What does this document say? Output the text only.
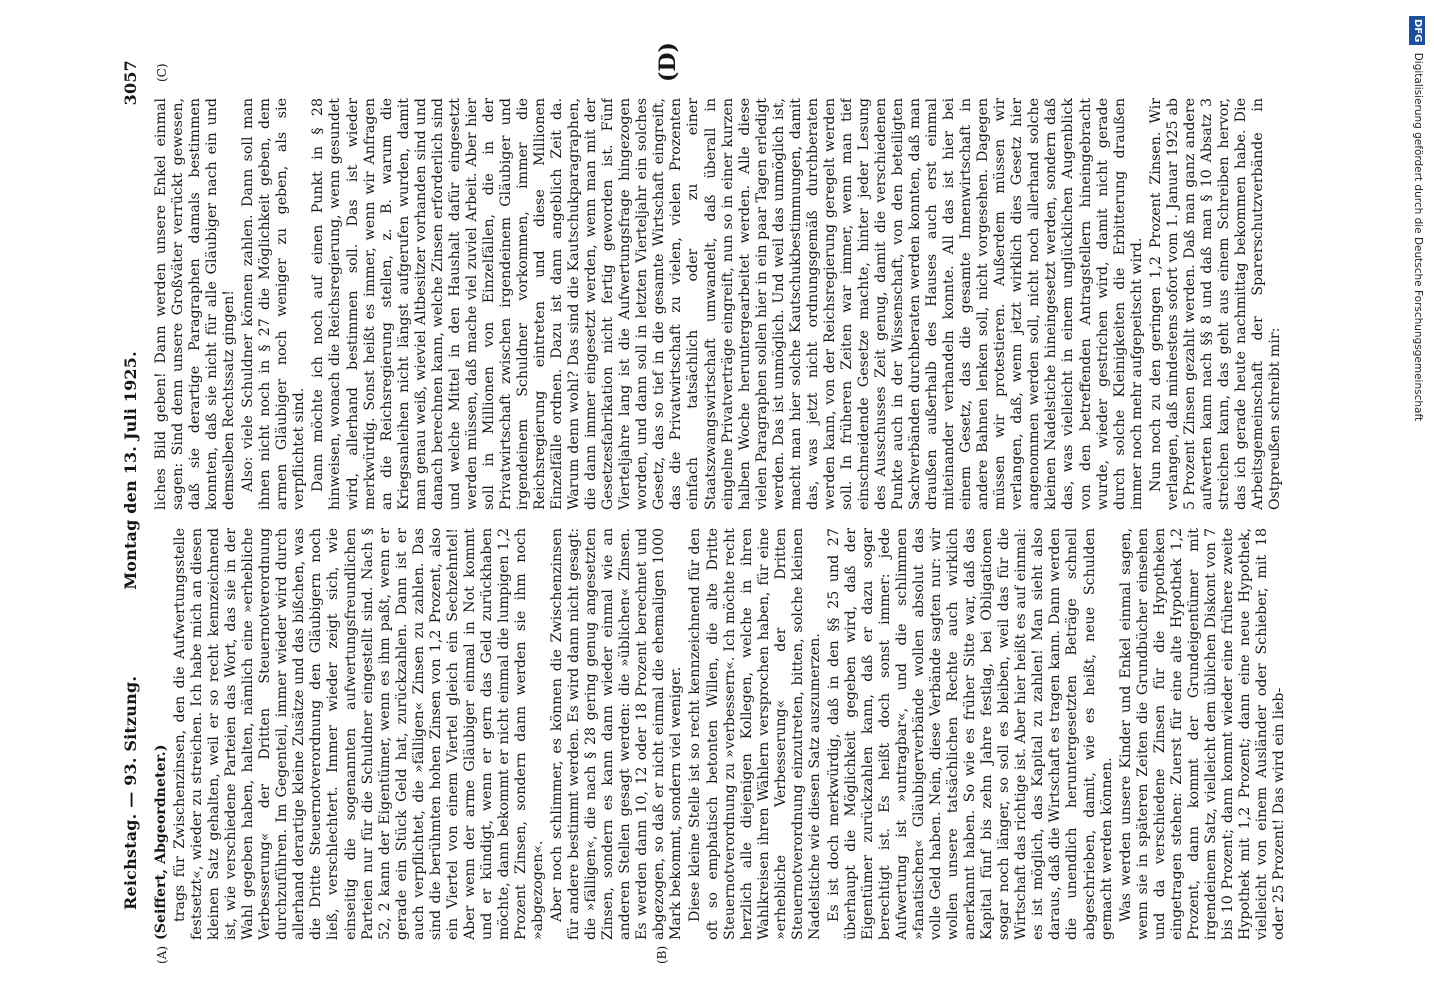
Reichstag. — 93. Sitzung.
Montag den 13. Juli 1925. 3057
(A)	(B)
(C)	(D)

(Seiffert, Abgeordneter.) trags für Zwischenzinsen, den die Aufwertungsstelle festsetzt«, wieder zu streichen. Ich habe mich an diesen kleinen Satz gehalten, weil er so recht kennzeichnend ist, wie verschiedene Parteien das Wort, das sie in der Wahl gegeben haben, halten, nämlich eine »erhebliche Verbesserung« der Dritten Steuernotverordnung durchzuführen. Im Gegenteil, immer wieder wird durch allerhand derartige kleine Zusätze und das bißchen, was die Dritte Steuernotverordnung den Gläubigern noch ließ, verschlechtert. Immer wieder zeigt sich, wie einseitig die sogenannten aufwertungsfreundlichen Parteien nur für die Schuldner eingestellt sind. Nach § 52, 2 kann der Eigentümer, wenn es ihm paßt, wenn er gerade ein Stück Geld hat, zurückzahlen. Dann ist er auch verpflichtet, die »fälligen« Zinsen zu zahlen. Das sind die berühmten hohen Zinsen von 1,2 Prozent, also ein Viertel von einem Viertel gleich ein Sechzehntel! Aber wenn der arme Gläubiger einmal in Not kommt und er kündigt, wenn er gern das Geld zurückhaben möchte, dann bekommt er nicht einmal die lumpigen 1,2 Prozent Zinsen, sondern dann werden sie ihm noch »abgezogen«. Aber noch schlimmer, es können die Zwischenzinsen für andere bestimmt werden. Es wird dann nicht gesagt: die »fälligen«, die nach § 28 gering genug angesetzten Zinsen, sondern es kann dann wieder einmal wie an anderen Stellen gesagt werden: die »üblichen« Zinsen. Es werden dann 10, 12 oder 18 Prozent berechnet und abgezogen, so daß er nicht einmal die ehemaligen 1000 Mark bekommt, sondern viel weniger. Diese kleine Stelle ist so recht kennzeichnend für den oft so emphatisch betonten Willen, die alte Dritte Steuernotverordnung zu »verbessern«. Ich möchte recht herzlich alle diejenigen Kollegen, welche in ihren Wahlkreisen ihren Wählern versprochen haben, für eine »erhebliche Verbesserung« der Dritten Steuernotverordnung einzutreten, bitten, solche kleinen Nadelstiche wie diesen Satz auszumerzen. Es ist doch merkwürdig, daß in den §§ 25 und 27 überhaupt die Möglichkeit gegeben wird, daß der Eigentümer zurückzahlen kann, daß er dazu sogar berechtigt ist. Es heißt doch sonst immer: jede Aufwertung ist »untragbar«, und die schlimmen »fanatischen« Gläubigerverbände wollen absolut das volle Geld haben. Nein, diese Verbände sagten nur: wir wollen unsere tatsächlichen Rechte auch wirklich anerkannt haben. So wie es früher Sitte war, daß das Kapital fünf bis zehn Jahre festlag, bei Obligationen sogar noch länger, so soll es bleiben, weil das für die Wirtschaft das richtige ist. Aber hier heißt es auf einmal: es ist möglich, das Kapital zu zahlen! Man sieht also daraus, daß die Wirtschaft es tragen kann. Dann werden die unendlich heruntergesetzten Beträge schnell abgeschrieben, damit, wie es heißt, neue Schulden gemacht werden können. Was werden unsere Kinder und Enkel einmal sagen, wenn sie in späteren Zeiten die Grundbücher einsehen und da verschiedene Zinsen für die Hypotheken eingetragen stehen: Zuerst für eine alte Hypothek 1,2 Prozent, dann kommt der Grundeigentümer mit irgendeinem Satz, vielleicht dem üblichen Diskont von 7 bis 10 Prozent; dann kommt wieder eine frühere zweite Hypothek mit 1,2 Prozent; dann eine neue Hypothek, vielleicht von einem Ausländer oder Schieber, mit 18 oder 25 Prozent! Das wird ein lieb-

liches Bild geben! Dann werden unsere Enkel einmal sagen: Sind denn unsere Großväter verrückt gewesen, daß sie derartige Paragraphen damals bestimmen konnten, daß sie nicht für alle Gläubiger nach ein und demselben Rechtssatz gingen! Also: viele Schuldner können zahlen. Dann soll man ihnen nicht noch in § 27 die Möglichkeit geben, dem armen Gläubiger noch weniger zu geben, als sie verpflichtet sind. Dann möchte ich noch auf einen Punkt in § 28 hinweisen, wonach die Reichsregierung, wenn gesundet wird, allerhand bestimmen soll. Das ist wieder merkwürdig. Sonst heißt es immer, wenn wir Anfragen an die Reichsregierung stellen, z. B. warum die Kriegsanleihen nicht längst aufgerufen wurden, damit man genau weiß, wieviel Altbesitzer vorhanden sind und danach berechnen kann, welche Zinsen erforderlich sind und welche Mittel in den Haushalt dafür eingesetzt werden müssen, daß mache viel zuviel Arbeit. Aber hier soll in Millionen von Einzelfällen, die in der Privatwirtschaft zwischen irgendeinem Gläubiger und irgendeinem Schuldner vorkommen, immer die Reichsregierung eintreten und diese Millionen Einzelfälle ordnen. Dazu ist dann angeblich Zeit da. Warum denn wohl? Das sind die Kautschukparagraphen, die dann immer eingesetzt werden, wenn man mit der Gesetzesfabrikation nicht fertig geworden ist. Fünf Vierteljahre lang ist die Aufwertungsfrage hingezogen worden, und dann soll in letzten Vierteljahr ein solches Gesetz, das so tief in die gesamte Wirtschaft eingreift, das die Privatwirtschaft zu vielen, vielen Prozenten einfach tatsächlich oder zu einer Staatszwangswirtschaft umwandelt, daß überall in eingelne Privatverträge eingreift, nun so in einer kurzen halben Woche heruntergearbeitet werden. Alle diese vielen Paragraphen sollen hier in ein paar Tagen erledigt werden. Das ist unmöglich. Und weil das unmöglich ist, macht man hier solche Kautschukbestimmungen, damit das, was jetzt nicht ordnungsgemäß durchberaten werden kann, von der Reichsregierung geregelt werden soll. In früheren Zeiten war immer, wenn man tief einschneidende Gesetze machte, hinter jeder Lesung des Ausschusses Zeit genug, damit die verschiedenen Punkte auch in der Wissenschaft, von den beteiligten Sachverbänden durchberaten werden konnten, daß man draußen außerhalb des Hauses auch erst einmal miteinander verhandeln konnte. All das ist hier bei einem Gesetz, das die gesamte Innenwirtschaft in andere Bahnen lenken soll, nicht vorgesehen. Dagegen müssen wir protestieren. Außerdem müssen wir verlangen, daß, wenn jetzt wirklich dies Gesetz hier angenommen werden soll, nicht noch allerhand solche kleinen Nadelstiche hineingesetzt werden, sondern daß das, was vielleicht in einem unglücklichen Augenblick von den betreffenden Antragstellern hineingebracht wurde, wieder gestrichen wird, damit nicht gerade durch solche Kleinigkeiten die Erbitterung draußen immer noch mehr aufgepeitscht wird. Nun noch zu den geringen 1,2 Prozent Zinsen. Wir verlangen, daß mindestens sofort vom 1. Januar 1925 ab 5 Prozent Zinsen gezahlt werden. Daß man ganz andere aufwerten kann nach §§ 8 und daß man § 10 Absatz 3 streichen kann, das geht aus einem Schreiben hervor, das ich gerade heute nachmittag bekommen habe. Die Arbeitsgemeinschaft der Sparerschutzverbände in Ostpreußen schreibt mir:

DFG Digitalisierung gefördert durch die Deutsche Forschungsgemeinschaft
